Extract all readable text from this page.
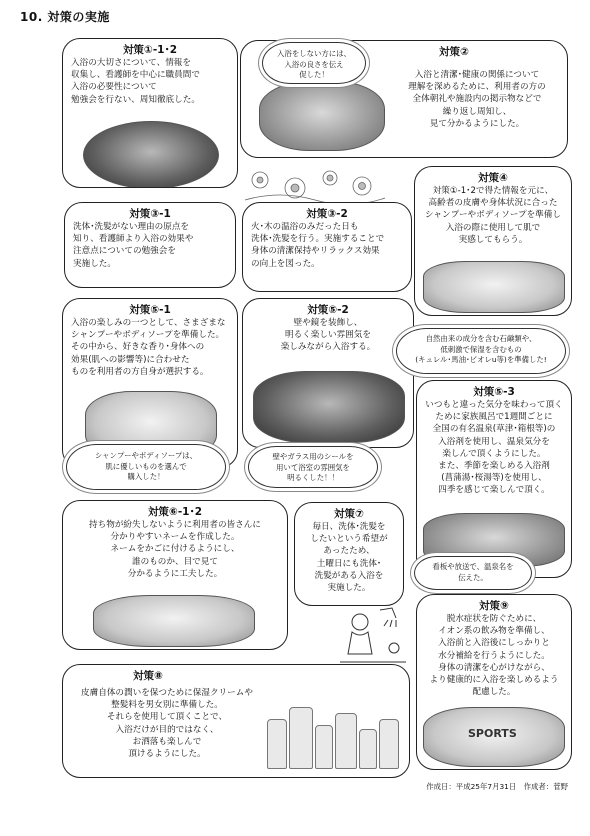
10. 対策の実施
対策①-1･2
入浴の大切さについて、情報を
収集し、看護師を中心に職員間で
入浴の必要性について
勉強会を行ない、周知徹底した。
対策②
入浴と清潔･健康の関係について
理解を深めるために、利用者の方の
全体朝礼や施設内の掲示物などで
繰り返し周知し、
見て分かるようにした。
入浴をしない方には、
入浴の良さを伝え
促した！
対策④
対策①-1･2で得た情報を元に、
高齢者の皮膚や身体状況に合った
シャンプーやボディソープを準備し
入浴の際に使用して肌で
実感してもらう。
対策③-1
洗体･洗髪がない理由の原点を
知り、看護師より入浴の効果や
注意点についての勉強会を
実施した。
対策③-2
火･木の温浴のみだった日も
洗体･洗髪を行う。実施することで
身体の清潔保持やリラックス効果
の向上を図った。
対策⑤-1
入浴の楽しみの一つとして、さまざまな
シャンプーやボディソープを準備した。
その中から、好きな香り･身体への
効果(肌への影響等)に合わせた
ものを利用者の方自身が選択する。
対策⑤-2
壁や鏡を装飾し、
明るく楽しい雰囲気を
楽しみながら入浴する。
自然由来の成分を含む石鹸類や、
低刺激で保湿を含むもの
(キュレル･馬油･ビオレu等)を準備した!
対策⑤-3
いつもと違った気分を味わって頂く
ために家族風呂で1週間ごとに
全国の有名温泉(草津･箱根等)の
入浴剤を使用し、温泉気分を
楽しんで頂くようにした。
また、季節を楽しめる入浴剤
(菖蒲湯･桜湯等)を使用し、
四季を感じて楽しんで頂く。
シャンプーやボディソープは、
肌に優しいものを選んで
購入した！
壁やガラス用のシールを
用いて浴室の雰囲気を
明るくした！！
対策⑥-1･2
持ち物が紛失しないように利用者の皆さんに
分かりやすいネームを作成した。
ネームをかごに付けるようにし、
誰のものか、目で見て
分かるように工夫した。
対策⑦
毎日、洗体･洗髪を
したいという希望が
あったため、
土曜日にも洗体･
洗髪がある入浴を
実施した。
看板や放送で、温泉名を
伝えた。
対策⑨
脱水症状を防ぐために、
イオン系の飲み物を準備し、
入浴前と入浴後にしっかりと
水分補給を行うようにした。
身体の清潔を心がけながら、
より健康的に入浴を楽しめるよう
配慮した。
SPORTS
対策⑧
皮膚自体の潤いを保つために保湿クリームや
整髪料を男女別に準備した。
それらを使用して頂くことで、
入浴だけが目的ではなく、
お洒落も楽しんで
頂けるようにした。
作成日：平成25年7月31日　作成者：菅野
